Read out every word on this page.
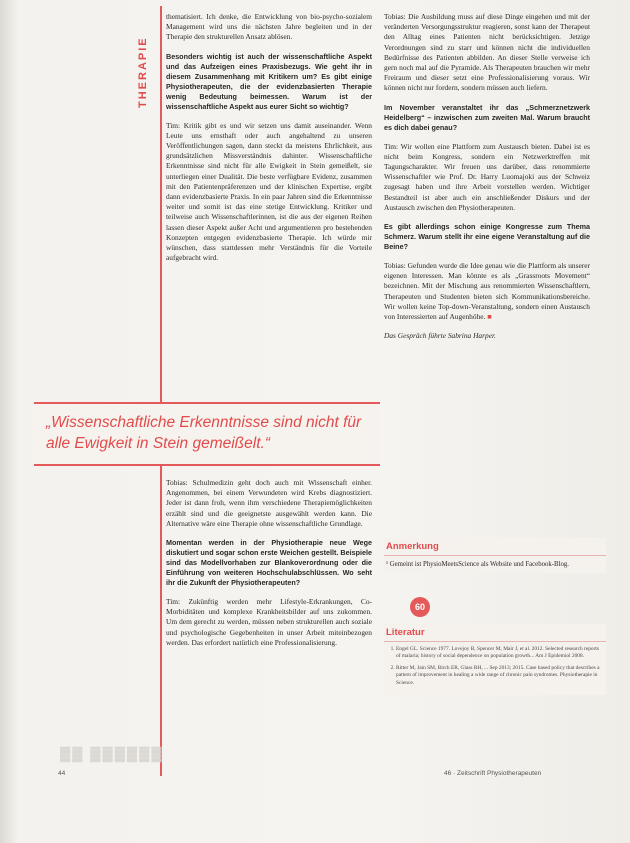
THERAPIE

thematisiert. Ich denke, die Entwicklung von bio-psycho-sozialem Management wird uns die nächsten Jahre begleiten und in der Therapie den strukturellen Ansatz ablösen.

Besonders wichtig ist auch der wissenschaftliche Aspekt und das Aufzeigen eines Praxisbezugs. Wie geht ihr in diesem Zusammenhang mit Kritikern um? Es gibt einige Physiotherapeuten, die der evidenzbasierten Therapie wenig Bedeutung beimessen. Warum ist der wissenschaftliche Aspekt aus eurer Sicht so wichtig?

Tim: Kritik gibt es und wir setzen uns damit auseinander. Wenn Leute uns ernsthaft oder auch angehaltend zu unseren Veröffentlichungen sagen, dann steckt da meistens Ehrlichkeit, aus grundsätzlichen Missverständnis dahinter. Wissenschaftliche Erkenntnisse sind nicht für alle Ewigkeit in Stein gemeißelt, sie unterliegen einer Dualität. Die beste verfügbare Evidenz, zusammen mit den Patientenpräferenzen und der klinischen Expertise, ergibt dann evidenzbasierte Praxis. In ein paar Jahren sind die Erkenntnisse weiter und somit ist das eine stetige Entwicklung. Kritiker und teilweise auch Wissenschaftlerinnen, ist die aus der eigenen Reihen lassen dieser Aspekt außer Acht und argumentieren pro bestehenden Konzepten entgegen evidenzbasierte Therapie. Ich würde mir wünschen, dass stattdessen mehr Verständnis für die Vorteile aufgebracht wird.

„Wissenschaftliche Erkenntnisse sind nicht für alle Ewigkeit in Stein gemeißelt.“

Tobias: Schulmedizin geht doch auch mit Wissenschaft einher. Angenommen, bei einem Verwundeten wird Krebs diagnostiziert. Jeder ist dann froh, wenn ihm verschiedene Therapiemöglichkeiten erzählt sind und die geeignetste ausgewählt werden kann. Die Alternative wäre eine Therapie ohne wissenschaftliche Grundlage.

Momentan werden in der Physiotherapie neue Wege diskutiert und sogar schon erste Weichen gestellt. Beispiele sind das Modellvorhaben zur Blankoverordnung oder die Einführung von weiteren Hochschulabschlüssen. Wo seht ihr die Zukunft der Physiotherapeuten?

Tim: Zukünftig werden mehr Lifestyle-Erkrankungen, Co-Morbiditäten und komplexe Krankheitsbilder auf uns zukommen. Um dem gerecht zu werden, müssen neben strukturellen auch soziale und psychologische Gegebenheiten in unser Arbeit miteinbezogen werden. Das erfordert natürlich eine Professionalisierung.

Tobias: Die Ausbildung muss auf diese Dinge eingehen und mit der veränderten Versorgungsstruktur reagieren, sonst kann der Therapeut den Alltag eines Patienten nicht berücksichtigen. Jetzige Verordnungen sind zu starr und können nicht die individuellen Bedürfnisse des Patienten abbilden. An dieser Stelle verweise ich gern noch mal auf die Pyramide. Als Therapeuten brauchen wir mehr Freiraum und dieser setzt eine Professionalisierung voraus. Wir können nicht nur fordern, sondern müssen auch liefern.

Im November veranstaltet ihr das „Schmerznetzwerk Heidelberg“ – inzwischen zum zweiten Mal. Warum braucht es dich dabei genau?

Tim: Wir wollen eine Plattform zum Austausch bieten. Dabei ist es nicht beim Kongress, sondern ein Netzwerktreffen mit Tagungscharakter. Wir freuen uns darüber, dass renommierte Wissenschaftler wie Prof. Dr. Harry Luomajoki aus der Schweiz zugesagt haben und ihre Arbeit vorstellen werden. Wichtiger Bestandteil ist aber auch ein anschließender Diskurs und der Austausch zwischen den Physiotherapeuten.

Es gibt allerdings schon einige Kongresse zum Thema Schmerz. Warum stellt ihr eine eigene Veranstaltung auf die Beine?

Tobias: Gefunden wurde die Idee genau wie die Plattform als unserer eigenen Interessen. Man könnte es als „Grassroots Movement“ bezeichnen. Mit der Mischung aus renommierten Wissenschaftlern, Therapeuten und Studenten bieten sich Kommunikationsbereiche. Wir wollen keine Top-down-Veranstaltung, sondern einen Austausch von Interessierten auf Augenhöhe. ■

Das Gespräch führte Sabrina Harper.

Anmerkung
¹ Gemeint ist PhysioMeetsScience als Website und Facebook-Blog.
60
Literatur
1. Engel GL. Science 1977. Lovejoy B, Spencer M, Mair J, et al. 2012. Selected research reports of malaria; history of social dependence on population growth... Am J Epidemiol 2008.
2. Ritter M, Jain SM, Birch ER, Glass RH, ... Sep 2013; 2015. Case based policy that describes a pattern of improvement in healing a wide range of chronic pain syndromes. Physiotherapie in Science.
▓▓ ▓▓▓▓▓▓
44	46 · Zeitschrift Physiotherapeuten
